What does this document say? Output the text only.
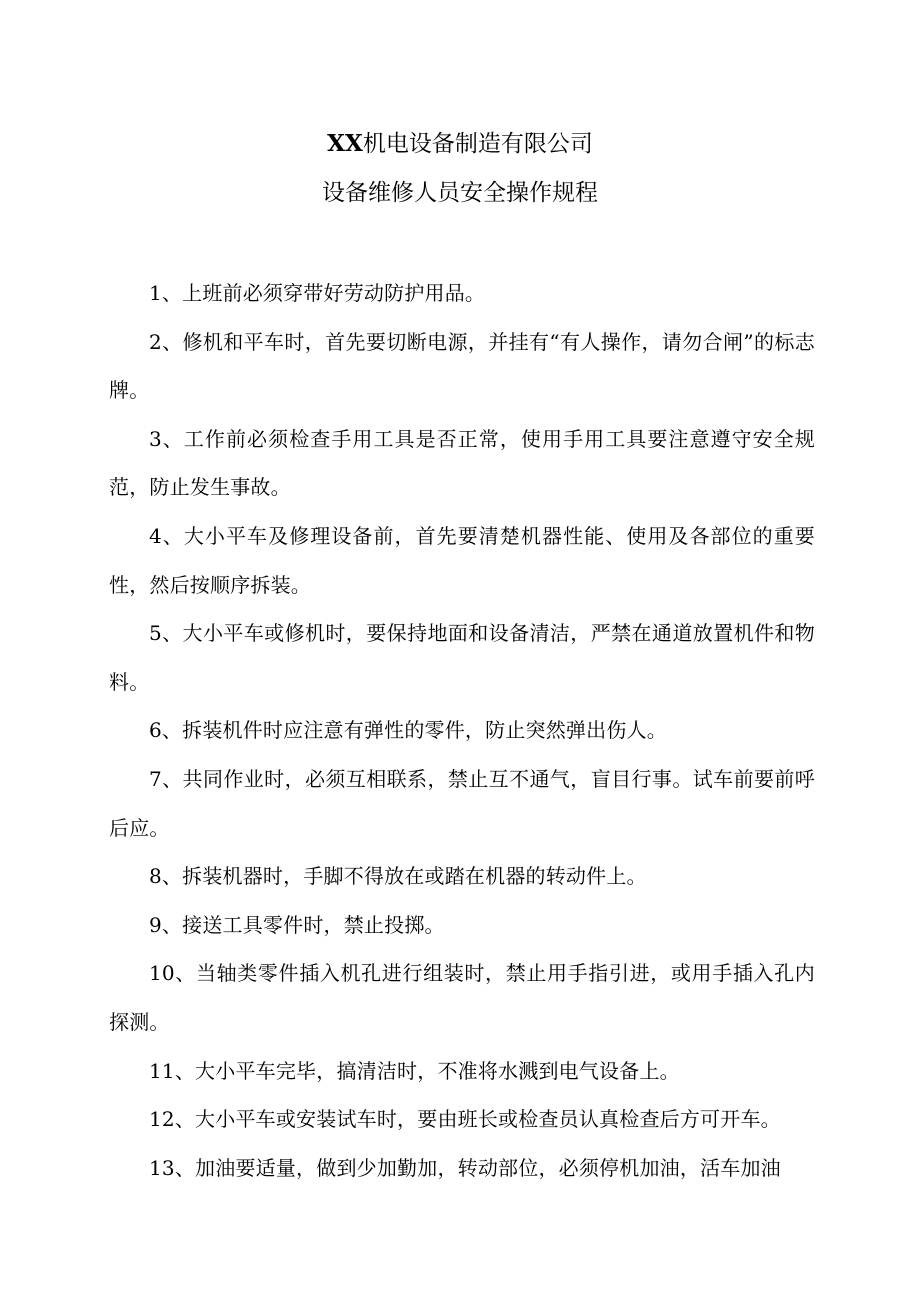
XX机电设备制造有限公司
设备维修人员安全操作规程

1、上班前必须穿带好劳动防护用品。

2、修机和平车时，首先要切断电源，并挂有“有人操作，请勿合闸”的标志牌。

3、工作前必须检查手用工具是否正常，使用手用工具要注意遵守安全规范，防止发生事故。

4、大小平车及修理设备前，首先要清楚机器性能、使用及各部位的重要性，然后按顺序拆装。

5、大小平车或修机时，要保持地面和设备清洁，严禁在通道放置机件和物料。

6、拆装机件时应注意有弹性的零件，防止突然弹出伤人。

7、共同作业时，必须互相联系，禁止互不通气，盲目行事。试车前要前呼后应。

8、拆装机器时，手脚不得放在或踏在机器的转动件上。

9、接送工具零件时，禁止投掷。

10、当轴类零件插入机孔进行组装时，禁止用手指引进，或用手插入孔内探测。

11、大小平车完毕，搞清洁时，不准将水溅到电气设备上。

12、大小平车或安装试车时，要由班长或检查员认真检查后方可开车。

13、加油要适量，做到少加勤加，转动部位，必须停机加油，活车加油
